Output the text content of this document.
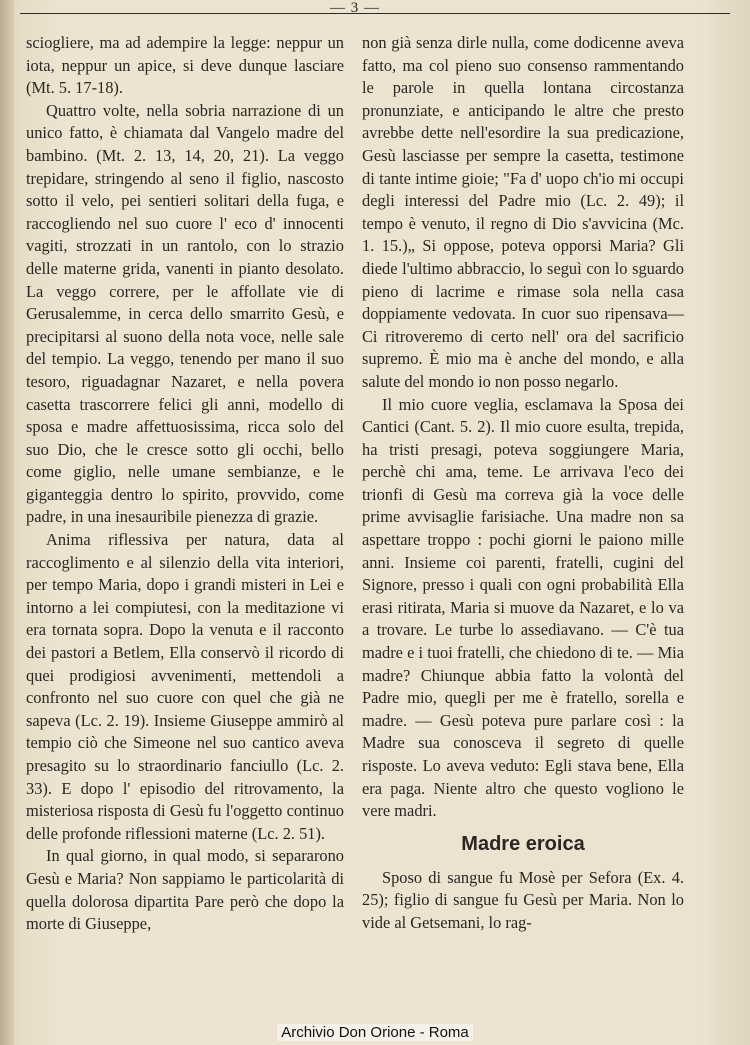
— 3 —

sciogliere, ma ad adempire la legge: neppur un iota, neppur un apice, si deve dunque lasciare (Mt. 5. 17-18).

Quattro volte, nella sobria narrazione di un unico fatto, è chiamata dal Vangelo madre del bambino. (Mt. 2. 13, 14, 20, 21). La veggo trepidare, stringendo al seno il figlio, nascosto sotto il velo, pei sentieri solitari della fuga, e raccogliendo nel suo cuore l' eco d' innocenti vagiti, strozzati in un rantolo, con lo strazio delle materne grida, vanenti in pianto desolato. La veggo correre, per le affollate vie di Gerusalemme, in cerca dello smarrito Gesù, e precipitarsi al suono della nota voce, nelle sale del tempio. La veggo, tenendo per mano il suo tesoro, riguadagnar Nazaret, e nella povera casetta trascorrere felici gli anni, modello di sposa e madre affettuosissima, ricca solo del suo Dio, che le cresce sotto gli occhi, bello come giglio, nelle umane sembianze, e le giganteggia dentro lo spirito, provvido, come padre, in una inesauribile pienezza di grazie.

Anima riflessiva per natura, data al raccoglimento e al silenzio della vita interiori, per tempo Maria, dopo i grandi misteri in Lei e intorno a lei compiutesi, con la meditazione vi era tornata sopra. Dopo la venuta e il racconto dei pastori a Betlem, Ella conservò il ricordo di quei prodigiosi avvenimenti, mettendoli a confronto nel suo cuore con quel che già ne sapeva (Lc. 2. 19). Insieme Giuseppe ammirò al tempio ciò che Simeone nel suo cantico aveva presagito su lo straordinario fanciullo (Lc. 2. 33). E dopo l' episodio del ritrovamento, la misteriosa risposta di Gesù fu l'oggetto continuo delle profonde riflessioni materne (Lc. 2. 51).

In qual giorno, in qual modo, si separarono Gesù e Maria? Non sappiamo le particolarità di quella dolorosa dipartita Pare però che dopo la morte di Giuseppe,

non già senza dirle nulla, come dodicenne aveva fatto, ma col pieno suo consenso rammentando le parole in quella lontana circostanza pronunziate, e anticipando le altre che presto avrebbe dette nell'esordire la sua predicazione, Gesù lasciasse per sempre la casetta, testimone di tante intime gioie; "Fa d' uopo ch'io mi occupi degli interessi del Padre mio (Lc. 2. 49); il tempo è venuto, il regno di Dio s'avvicina (Mc. 1. 15.)„ Si oppose, poteva opporsi Maria? Gli diede l'ultimo abbraccio, lo seguì con lo sguardo pieno di lacrime e rimase sola nella casa doppiamente vedovata. In cuor suo ripensava—Ci ritroveremo di certo nell' ora del sacrificio supremo. È mio ma è anche del mondo, e alla salute del mondo io non posso negarlo.

Il mio cuore veglia, esclamava la Sposa dei Cantici (Cant. 5. 2). Il mio cuore esulta, trepida, ha tristi presagi, poteva soggiungere Maria, perchè chi ama, teme. Le arrivava l'eco dei trionfi di Gesù ma correva già la voce delle prime avvisaglie farisiache. Una madre non sa aspettare troppo : pochi giorni le paiono mille anni. Insieme coi parenti, fratelli, cugini del Signore, presso i quali con ogni probabilità Ella erasi ritirata, Maria si muove da Nazaret, e lo va a trovare. Le turbe lo assediavano. — C'è tua madre e i tuoi fratelli, che chiedono di te. — Mia madre? Chiunque abbia fatto la volontà del Padre mio, quegli per me è fratello, sorella e madre. — Gesù poteva pure parlare così : la Madre sua conosceva il segreto di quelle risposte. Lo aveva veduto: Egli stava bene, Ella era paga. Niente altro che questo vogliono le vere madri.

Madre eroica

Sposo di sangue fu Mosè per Sefora (Ex. 4. 25); figlio di sangue fu Gesù per Maria. Non lo vide al Getsemani, lo rag-

Archivio Don Orione - Roma
